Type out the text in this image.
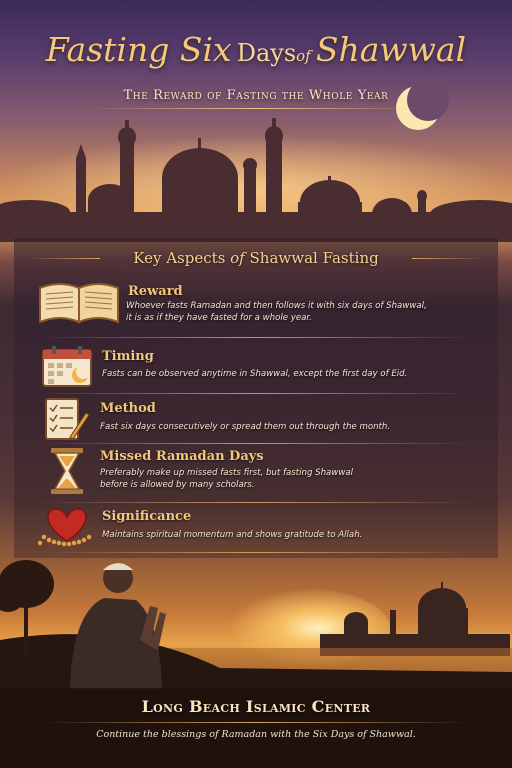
Fasting Six Daysof Shawwal
The Reward of Fasting the Whole Year
Key Aspects of Shawwal Fasting
Reward
Whoever fasts Ramadan and then follows it with six days of Shawwal,
it is as if they have fasted for a whole year.
Timing
Fasts can be observed anytime in Shawwal, except the first day of Eid.
Method
Fast six days consecutively or spread them out through the month.
Missed Ramadan Days
Preferably make up missed fasts first, but fasting Shawwal
before is allowed by many scholars.
Significance
Maintains spiritual momentum and shows gratitude to Allah.
Long Beach Islamic Center
Continue the blessings of Ramadan with the Six Days of Shawwal.
